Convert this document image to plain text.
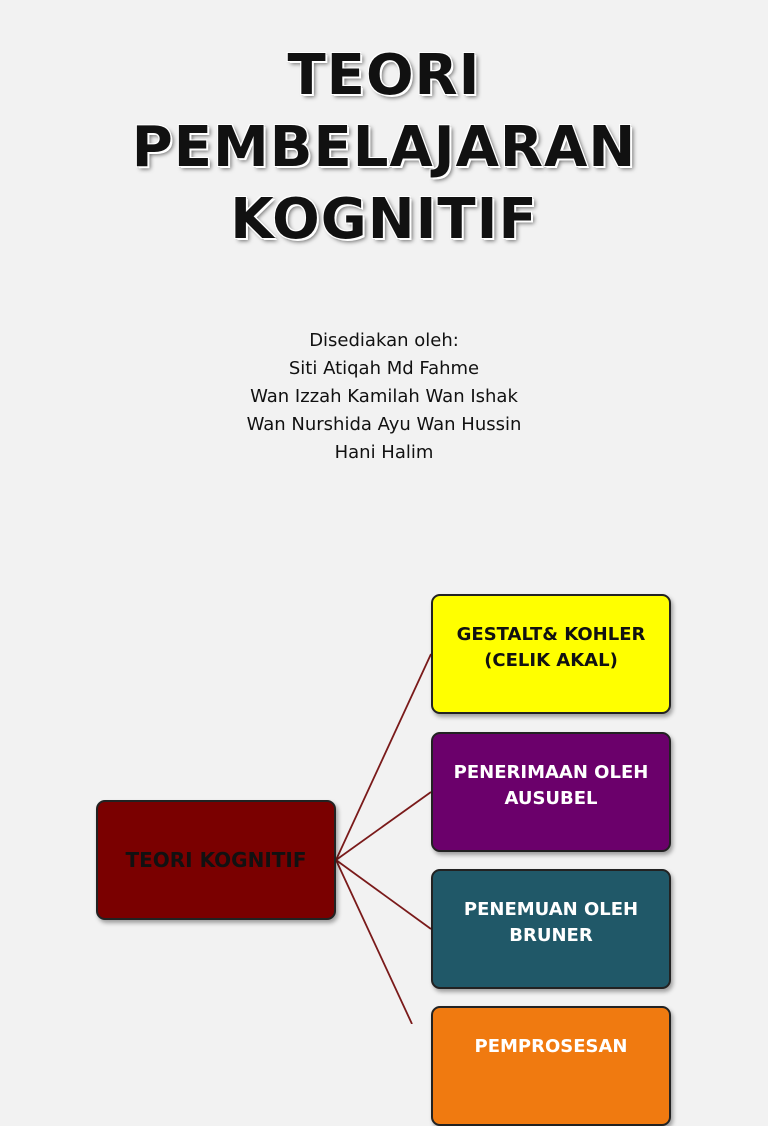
TEORI
PEMBELAJARAN
KOGNITIF
Disediakan oleh:
Siti Atiqah Md Fahme
Wan Izzah Kamilah Wan Ishak
Wan Nurshida Ayu Wan Hussin
Hani Halim
TEORI KOGNITIF
GESTALT& KOHLER
(CELIK AKAL)
PENERIMAAN OLEH
AUSUBEL
PENEMUAN OLEH
BRUNER
PEMPROSESAN
